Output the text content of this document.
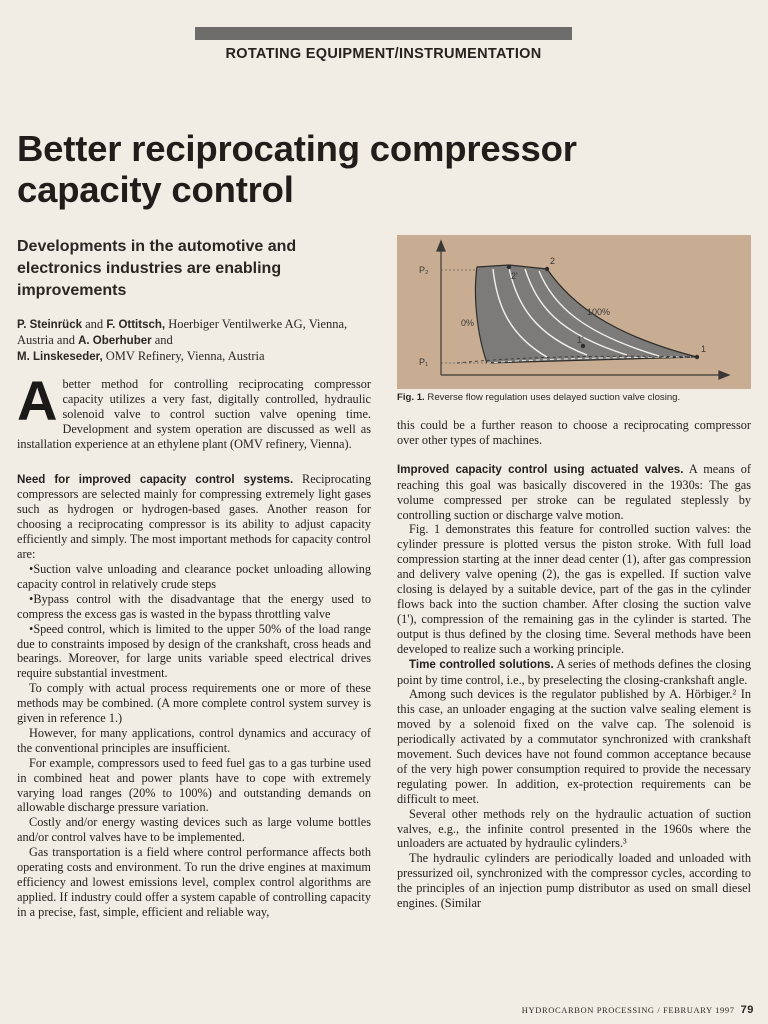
ROTATING EQUIPMENT/INSTRUMENTATION
Better reciprocating compressor
capacity control
Developments in the automotive and electronics industries are enabling improvements
P. Steinrück and F. Ottitsch, Hoerbiger Ventilwerke AG, Vienna, Austria and A. Oberhuber and
M. Linskeseder, OMV Refinery, Vienna, Austria

A better method for controlling reciprocating compressor capacity utilizes a very fast, digitally controlled, hydraulic solenoid valve to control suction valve opening time. Development and system operation are discussed as well as installation experience at an ethylene plant (OMV refinery, Vienna).

Need for improved capacity control systems. Reciprocating compressors are selected mainly for compressing extremely light gases such as hydrogen or hydrogen-based gases. Another reason for choosing a reciprocating compressor is its ability to adjust capacity efficiently and simply. The most important methods for capacity control are:

• Suction valve unloading and clearance pocket unloading allowing capacity control in relatively crude steps

• Bypass control with the disadvantage that the energy used to compress the excess gas is wasted in the bypass throttling valve

• Speed control, which is limited to the upper 50% of the load range due to constraints imposed by design of the crankshaft, cross heads and bearings. Moreover, for large units variable speed electrical drives require substantial investment.

To comply with actual process requirements one or more of these methods may be combined. (A more complete control system survey is given in reference 1.)

However, for many applications, control dynamics and accuracy of the conventional principles are insufficient.

For example, compressors used to feed fuel gas to a gas turbine used in combined heat and power plants have to cope with extremely varying load ranges (20% to 100%) and outstanding demands on allowable discharge pressure variation.

Costly and/or energy wasting devices such as large volume bottles and/or control valves have to be implemented.

Gas transportation is a field where control performance affects both operating costs and environment. To run the drive engines at maximum efficiency and lowest emissions level, complex control algorithms are applied. If industry could offer a system capable of controlling capacity in a precise, fast, simple, efficient and reliable way,

P₂
P₁
0%
100%
1
1'
2
2'
Fig. 1. Reverse flow regulation uses delayed suction valve closing.

this could be a further reason to choose a reciprocating compressor over other types of machines.

Improved capacity control using actuated valves. A means of reaching this goal was basically discovered in the 1930s: The gas volume compressed per stroke can be regulated steplessly by controlling suction or discharge valve motion.

Fig. 1 demonstrates this feature for controlled suction valves: the cylinder pressure is plotted versus the piston stroke. With full load compression starting at the inner dead center (1), after gas compression and delivery valve opening (2), the gas is expelled. If suction valve closing is delayed by a suitable device, part of the gas in the cylinder flows back into the suction chamber. After closing the suction valve (1'), compression of the remaining gas in the cylinder is started. The output is thus defined by the closing time. Several methods have been developed to realize such a working principle.

Time controlled solutions. A series of methods defines the closing point by time control, i.e., by preselecting the closing-crankshaft angle.

Among such devices is the regulator published by A. Hörbiger.² In this case, an unloader engaging at the suction valve sealing element is moved by a solenoid fixed on the valve cap. The solenoid is periodically activated by a commutator synchronized with crankshaft movement. Such devices have not found common acceptance because of the very high power consumption required to provide the necessary regulating power. In addition, ex-protection requirements can be difficult to meet.

Several other methods rely on the hydraulic actuation of suction valves, e.g., the infinite control presented in the 1960s where the unloaders are actuated by hydraulic cylinders.³

The hydraulic cylinders are periodically loaded and unloaded with pressurized oil, synchronized with the compressor cycles, according to the principles of an injection pump distributor as used on small diesel engines. (Similar

HYDROCARBON PROCESSING / FEBRUARY 1997 79
